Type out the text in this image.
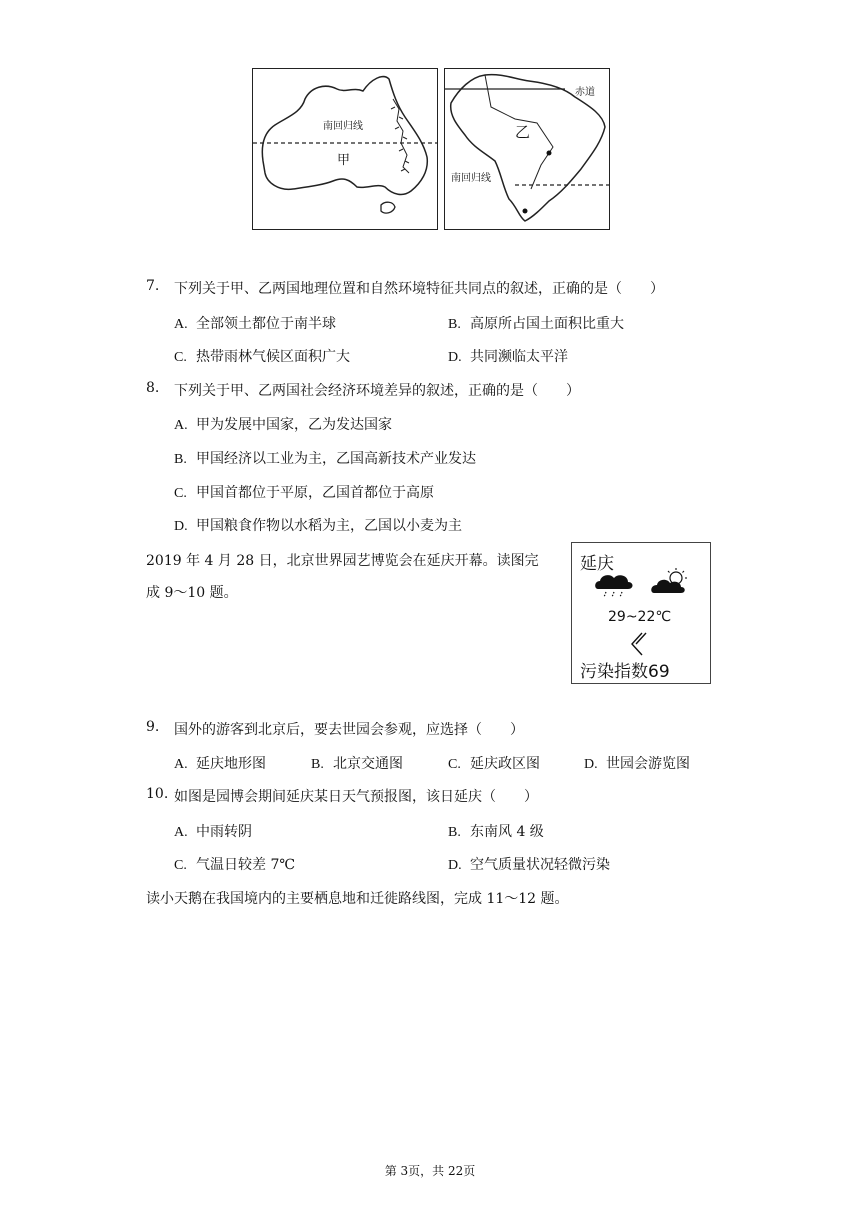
南回归线
甲
赤道
乙
南回归线
7. 下列关于甲、乙两国地理位置和自然环境特征共同点的叙述，正确的是（　　）
A. 全部领土都位于南半球	B. 高原所占国土面积比重大
C. 热带雨林气候区面积广大	D. 共同濒临太平洋
8. 下列关于甲、乙两国社会经济环境差异的叙述，正确的是（　　）
A. 甲为发展中国家，乙为发达国家
B. 甲国经济以工业为主，乙国高新技术产业发达
C. 甲国首都位于平原，乙国首都位于高原
D. 甲国粮食作物以水稻为主，乙国以小麦为主
2019 年 4 月 28 日，北京世界园艺博览会在延庆开幕。读图完
成 9～10 题。
延庆
29~22℃
污染指数69
9. 国外的游客到北京后，要去世园会参观，应选择（　　）
A. 延庆地形图	B. 北京交通图	C. 延庆政区图	D. 世园会游览图
10. 如图是园博会期间延庆某日天气预报图，该日延庆（　　）
A. 中雨转阴	B. 东南风 4 级
C. 气温日较差 7℃	D. 空气质量状况轻微污染
读小天鹅在我国境内的主要栖息地和迁徙路线图，完成 11～12 题。
第 3页，共 22页
